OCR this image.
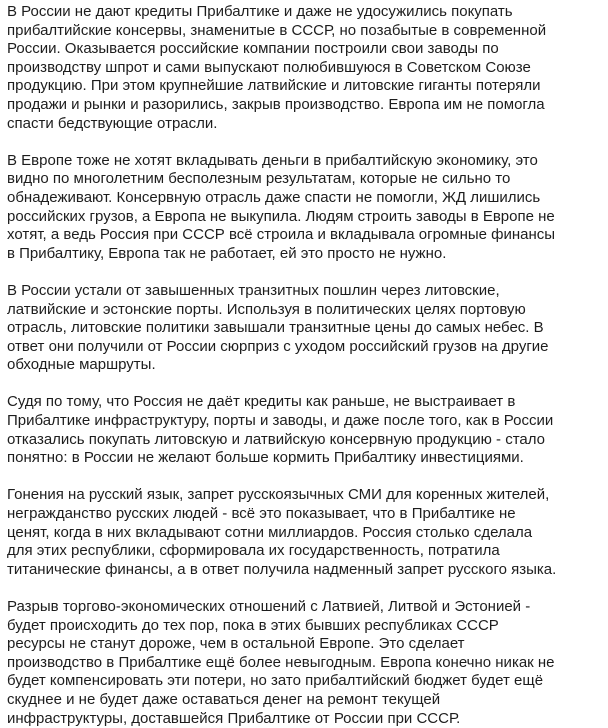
В России не дают кредиты Прибалтике и даже не удосужились покупать
прибалтийские консервы, знаменитые в СССР, но позабытые в современной
России. Оказывается российские компании построили свои заводы по
производству шпрот и сами выпускают полюбившуюся в Советском Союзе
продукцию. При этом крупнейшие латвийские и литовские гиганты потеряли
продажи и рынки и разорились, закрыв производство. Европа им не помогла
спасти бедствующие отрасли.

В Европе тоже не хотят вкладывать деньги в прибалтийскую экономику, это
видно по многолетним бесполезным результатам, которые не сильно то
обнадеживают. Консервную отрасль даже спасти не помогли, ЖД лишились
российских грузов, а Европа не выкупила. Людям строить заводы в Европе не
хотят, а ведь Россия при СССР всё строила и вкладывала огромные финансы
в Прибалтику, Европа так не работает, ей это просто не нужно.

В России устали от завышенных транзитных пошлин через литовские,
латвийские и эстонские порты. Используя в политических целях портовую
отрасль, литовские политики завышали транзитные цены до самых небес. В
ответ они получили от России сюрприз с уходом российский грузов на другие
обходные маршруты.

Судя по тому, что Россия не даёт кредиты как раньше, не выстраивает в
Прибалтике инфраструктуру, порты и заводы, и даже после того, как в России
отказались покупать литовскую и латвийскую консервную продукцию - стало
понятно: в России не желают больше кормить Прибалтику инвестициями.

Гонения на русский язык, запрет русскоязычных СМИ для коренных жителей,
негражданство русских людей - всё это показывает, что в Прибалтике не
ценят, когда в них вкладывают сотни миллиардов. Россия столько сделала
для этих республики, сформировала их государственность, потратила
титанические финансы, а в ответ получила надменный запрет русского языка.

Разрыв торгово-экономических отношений с Латвией, Литвой и Эстонией -
будет происходить до тех пор, пока в этих бывших республиках СССР
ресурсы не станут дороже, чем в остальной Европе. Это сделает
производство в Прибалтике ещё более невыгодным. Европа конечно никак не
будет компенсировать эти потери, но зато прибалтийский бюджет будет ещё
скуднее и не будет даже оставаться денег на ремонт текущей
инфраструктуры, доставшейся Прибалтике от России при СССР.
